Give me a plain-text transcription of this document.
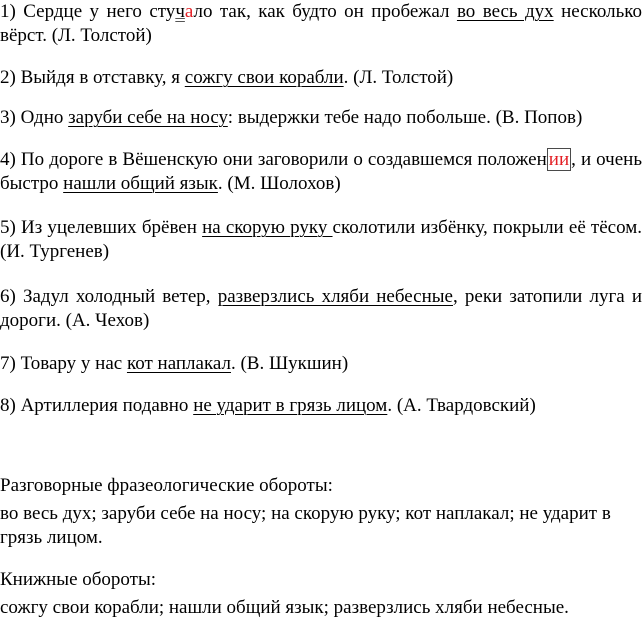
1) Сердце у него стучало так, как будто он пробежал во весь дух несколько вёрст. (Л. Толстой)

2) Выйдя в отставку, я сожгу свои корабли. (Л. Толстой)

3) Одно заруби себе на носу: выдержки тебе надо побольше. (В. Попов)

4) По дороге в Вёшенскую они заговорили о создавшемся положен ии , и очень быстро нашли общий язык. (М. Шолохов)

5) Из уцелевших брёвен на скорую руку сколотили избёнку, покрыли её тёсом. (И. Тургенев)

6) Задул холодный ветер, разверзлись хляби небесные, реки затопили луга и дороги. (А. Чехов)

7) Товару у нас кот наплакал. (В. Шукшин)

8) Артиллерия подавно не ударит в грязь лицом. (А. Твардовский)

Разговорные фразеологические обороты:

во весь дух; заруби себе на носу; на скорую руку; кот наплакал; не ударит в грязь лицом.

Книжные обороты:

сожгу свои корабли; нашли общий язык; разверзлись хляби небесные.
